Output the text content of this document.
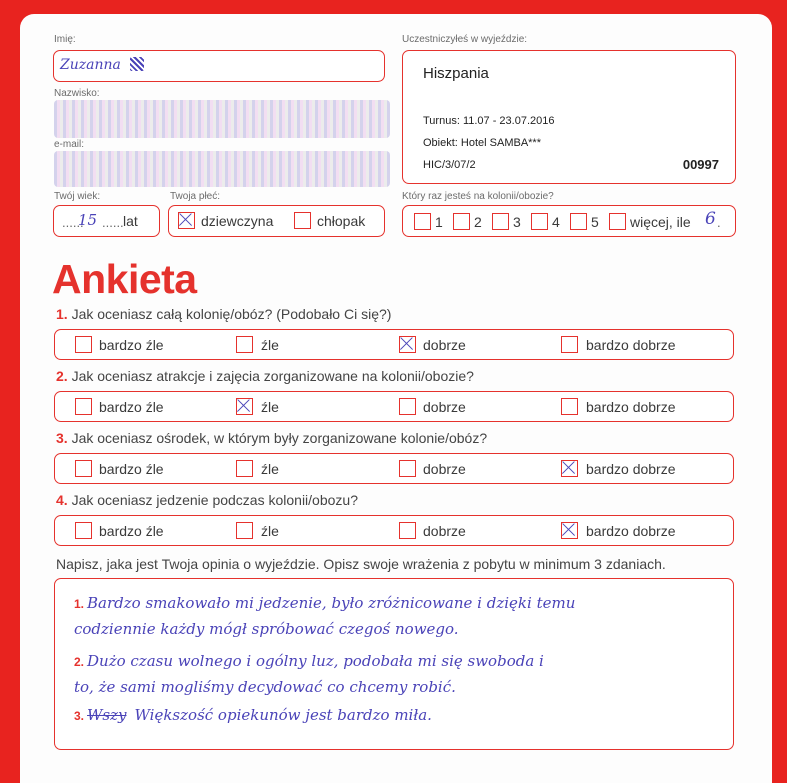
Imię:
Zuzanna
Nazwisko:
e-mail:
Twój wiek:
......
15 ...... lat
Twoja płeć:
dziewczyna	chłopak
Uczestniczyłeś w wyjeździe:
Hiszpania
Turnus: 11.07 - 23.07.2016
Obiekt: Hotel SAMBA***
HIC/3/07/2	00997
Który raz jesteś na kolonii/obozie?
1 2 3 4 5 więcej, ile 6 .
Ankieta
1. Jak oceniasz całą kolonię/obóz? (Podobało Ci się?)
bardzo źle	źle	dobrze	bardzo dobrze
2. Jak oceniasz atrakcje i zajęcia zorganizowane na kolonii/obozie?
bardzo źle	źle	dobrze	bardzo dobrze
3. Jak oceniasz ośrodek, w którym były zorganizowane kolonie/obóz?
bardzo źle	źle	dobrze	bardzo dobrze
4. Jak oceniasz jedzenie podczas kolonii/obozu?
bardzo źle	źle	dobrze	bardzo dobrze
Napisz, jaka jest Twoja opinia o wyjeździe. Opisz swoje wrażenia z pobytu w minimum 3 zdaniach.
1. Bardzo smakowało mi jedzenie, było zróżnicowane i dzięki temu
codziennie każdy mógł spróbować czegoś nowego.
2. Dużo czasu wolnego i ogólny luz, podobała mi się swoboda i
to, że sami mogliśmy decydować co chcemy robić.
3. Wszy Większość opiekunów jest bardzo miła.
